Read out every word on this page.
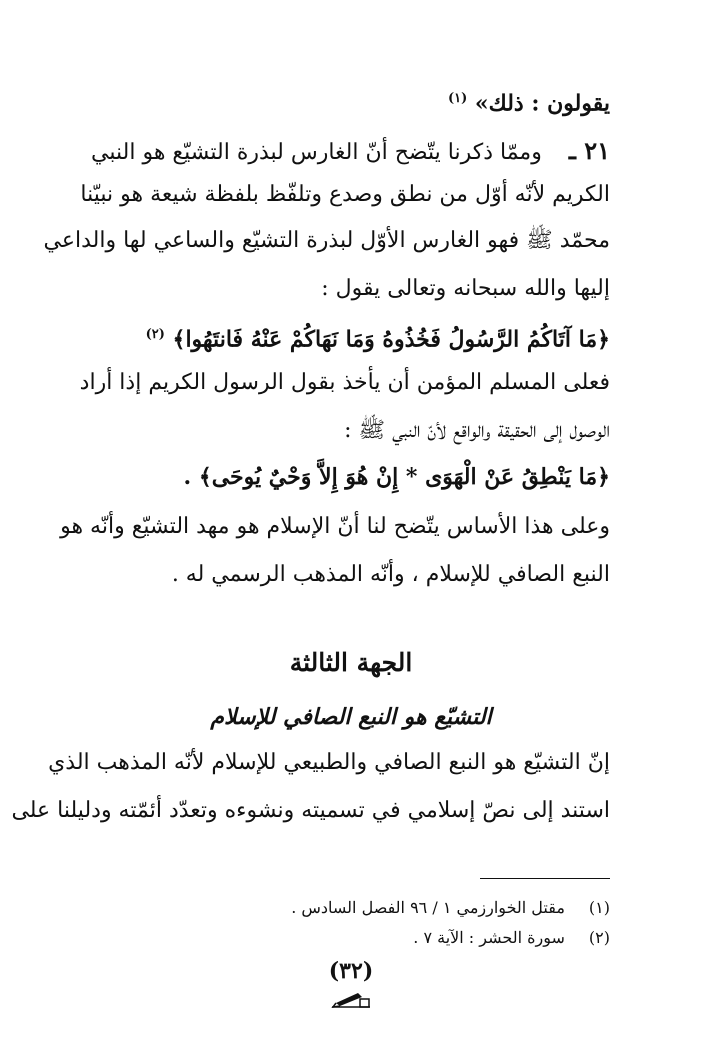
يقولون : ذلك» $^{(١)}$
٢١ ـ وممّا ذكرنا يتّضح أنّ الغارس لبذرة التشيّع هو النبي
الكريم لأنّه أوّل من نطق وصدع وتلفّظ بلفظة شيعة هو نبيّنا
محمّد ﷺ فهو الغارس الأوّل لبذرة التشيّع والساعي لها والداعي
إليها والله سبحانه وتعالى يقول :
﴿مَا آتَاكُمُ الرَّسُولُ فَخُذُوهُ وَمَا نَهَاكُمْ عَنْهُ فَانتَهُوا﴾ $^{(٢)}$
فعلى المسلم المؤمن أن يأخذ بقول الرسول الكريم إذا أراد
الوصول إلى الحقيقة والواقع لأنّ النبي ﷺ :
﴿مَا يَنْطِقُ عَنْ الْهَوَى * إِنْ هُوَ إِلاَّ وَحْيٌ يُوحَى﴾ .
وعلى هذا الأساس يتّضح لنا أنّ الإسلام هو مهد التشيّع وأنّه هو
النبع الصافي للإسلام ، وأنّه المذهب الرسمي له .
الجهة الثالثة
التشيّع هو النبع الصافي للإسلام
إنّ التشيّع هو النبع الصافي والطبيعي للإسلام لأنّه المذهب الذي
استند إلى نصّ إسلامي في تسميته ونشوءه وتعدّد أئمّته ودليلنا على
(١) مقتل الخوارزمي ١ / ٩٦ الفصل السادس .
(٢) سورة الحشر : الآية ٧ .
(٣٢)
